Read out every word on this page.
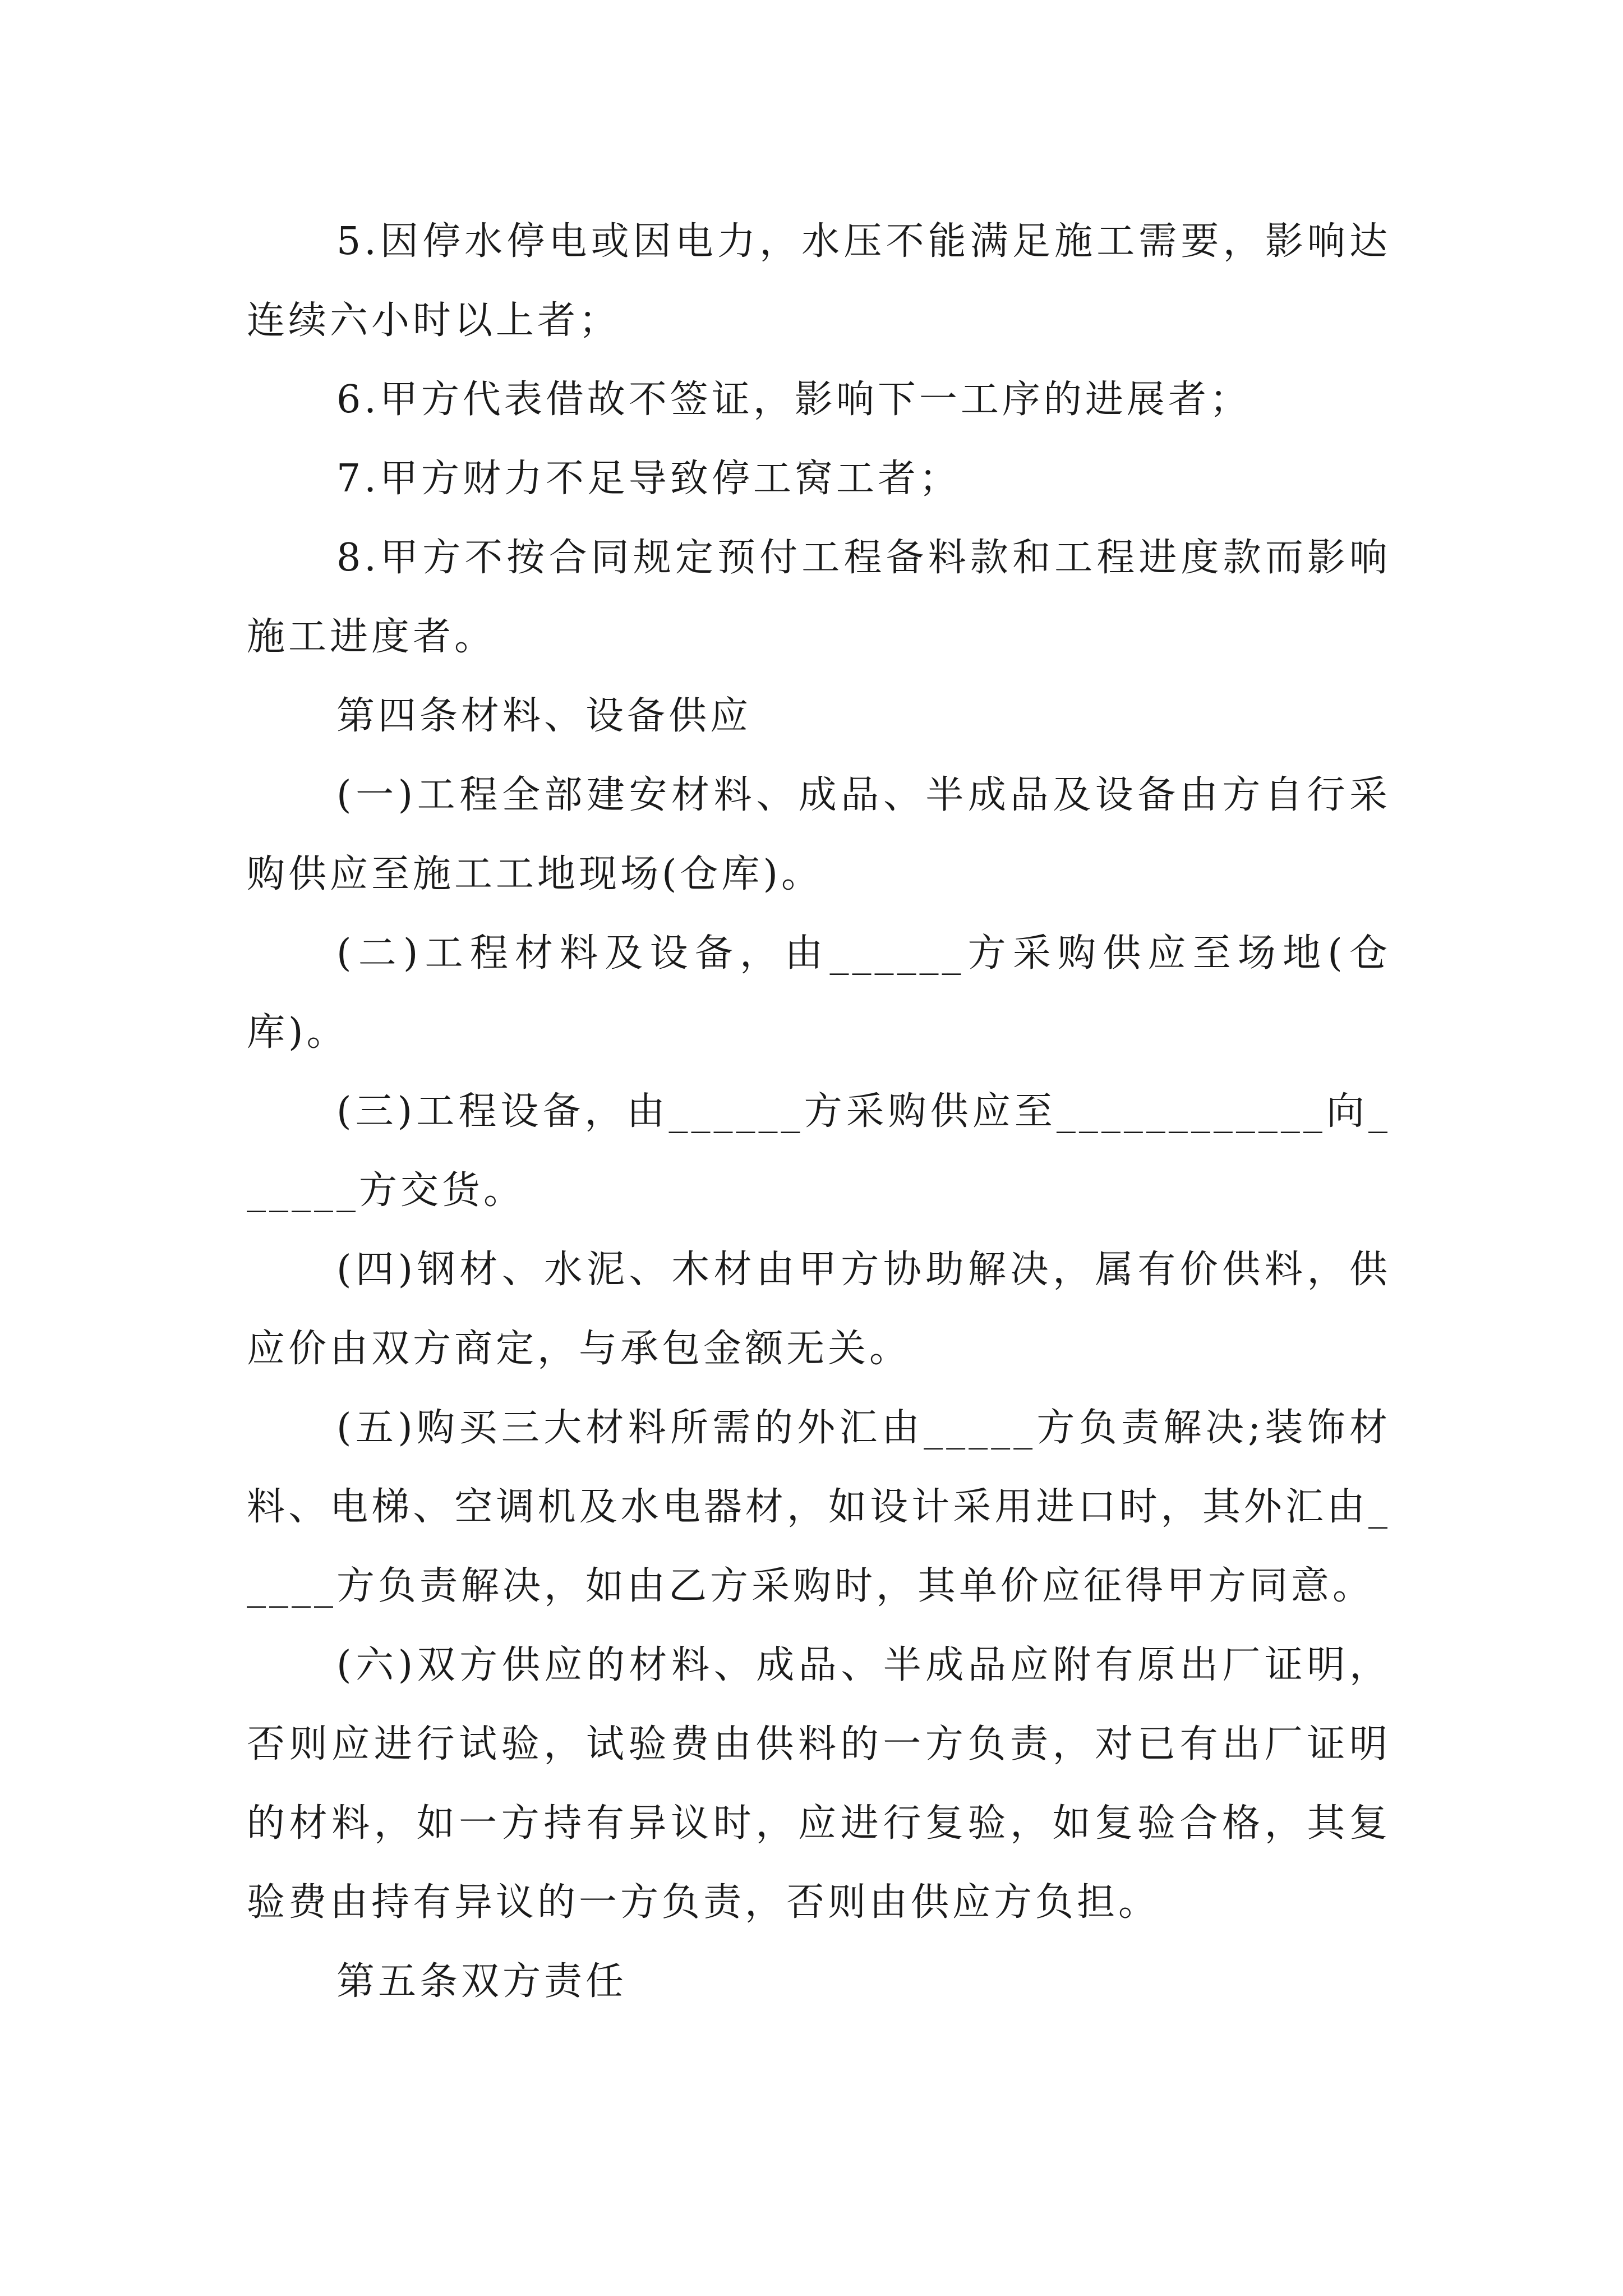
5.因停水停电或因电力，水压不能满足施工需要，影响达连续六小时以上者；

6.甲方代表借故不签证，影响下一工序的进展者；

7.甲方财力不足导致停工窝工者；

8.甲方不按合同规定预付工程备料款和工程进度款而影响施工进度者。

第四条材料、设备供应

(一)工程全部建安材料、成品、半成品及设备由方自行采购供应至施工工地现场(仓库)。

(二)工程材料及设备，由______方采购供应至场地(仓库)。

(三)工程设备，由______方采购供应至____________向______方交货。

(四)钢材、水泥、木材由甲方协助解决，属有价供料，供应价由双方商定，与承包金额无关。

(五)购买三大材料所需的外汇由_____方负责解决;装饰材料、电梯、空调机及水电器材，如设计采用进口时，其外汇由_____方负责解决，如由乙方采购时，其单价应征得甲方同意。

(六)双方供应的材料、成品、半成品应附有原出厂证明，否则应进行试验，试验费由供料的一方负责，对已有出厂证明的材料，如一方持有异议时，应进行复验，如复验合格，其复验费由持有异议的一方负责，否则由供应方负担。

第五条双方责任
